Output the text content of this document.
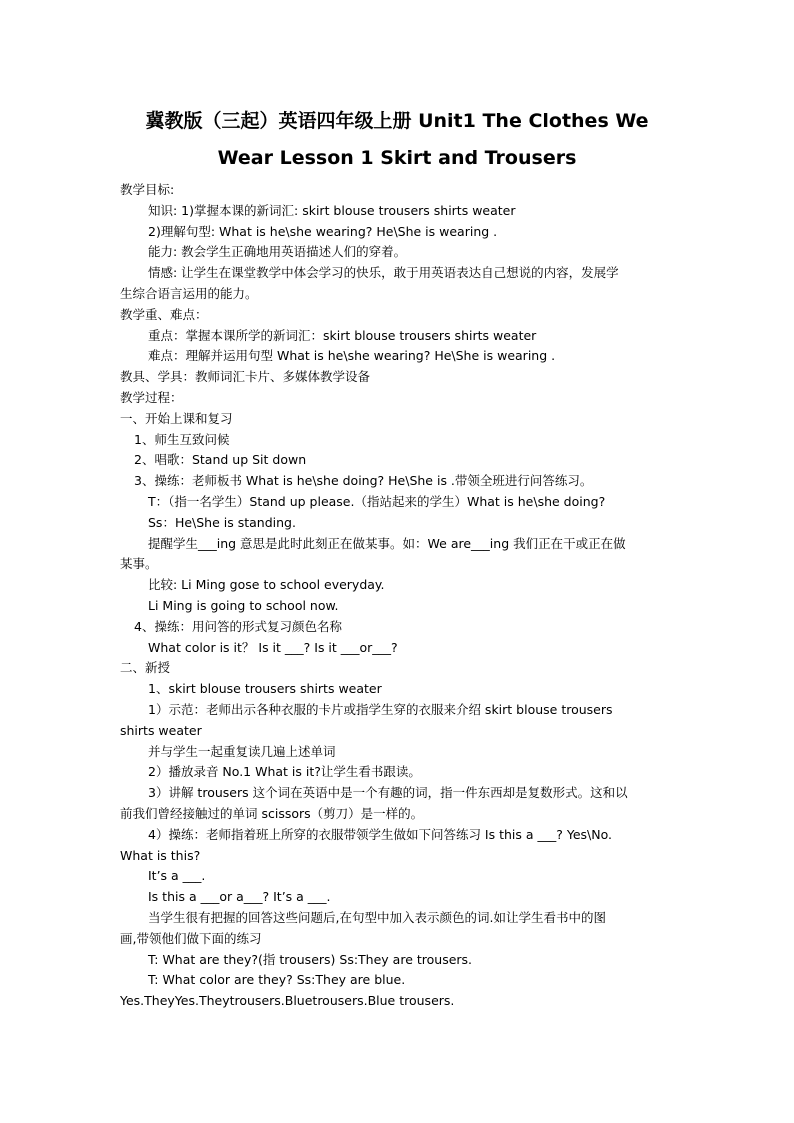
冀教版（三起）英语四年级上册 Unit1 The Clothes We
Wear Lesson 1 Skirt and Trousers
教学目标:
知识: 1)掌握本课的新词汇: skirt blouse trousers shirts weater
2)理解句型: What is he\she wearing? He\She is wearing .
能力: 教会学生正确地用英语描述人们的穿着。
情感: 让学生在课堂教学中体会学习的快乐，敢于用英语表达自己想说的内容，发展学
生综合语言运用的能力。
教学重、难点：
重点：掌握本课所学的新词汇：skirt blouse trousers shirts weater
难点：理解并运用句型 What is he\she wearing? He\She is wearing .
教具、学具：教师词汇卡片、多媒体教学设备
教学过程：
一、开始上课和复习
1、师生互致问候
2、唱歌：Stand up Sit down
3、操练：老师板书 What is he\she doing? He\She is .带领全班进行问答练习。
T：（指一名学生）Stand up please.（指站起来的学生）What is he\she doing?
Ss：He\She is standing.
提醒学生___ing 意思是此时此刻正在做某事。如：We are___ing 我们正在干或正在做
某事。
比较: Li Ming gose to school everyday.
Li Ming is going to school now.
4、操练：用问答的形式复习颜色名称
What color is it？ Is it ___? Is it ___or___?
二、新授
1、skirt blouse trousers shirts weater
1）示范：老师出示各种衣服的卡片或指学生穿的衣服来介绍 skirt blouse trousers
shirts weater
并与学生一起重复读几遍上述单词
2）播放录音 No.1 What is it?让学生看书跟读。
3）讲解 trousers 这个词在英语中是一个有趣的词，指一件东西却是复数形式。这和以
前我们曾经接触过的单词 scissors（剪刀）是一样的。
4）操练：老师指着班上所穿的衣服带领学生做如下问答练习 Is this a ___? Yes\No.
What is this?
It’s a ___.
Is this a ___or a___? It’s a ___.
当学生很有把握的回答这些问题后,在句型中加入表示颜色的词.如让学生看书中的图
画,带领他们做下面的练习
T: What are they?(指 trousers) Ss:They are trousers.
T: What color are they? Ss:They are blue.
Yes.TheyYes.Theytrousers.Bluetrousers.Blue trousers.
